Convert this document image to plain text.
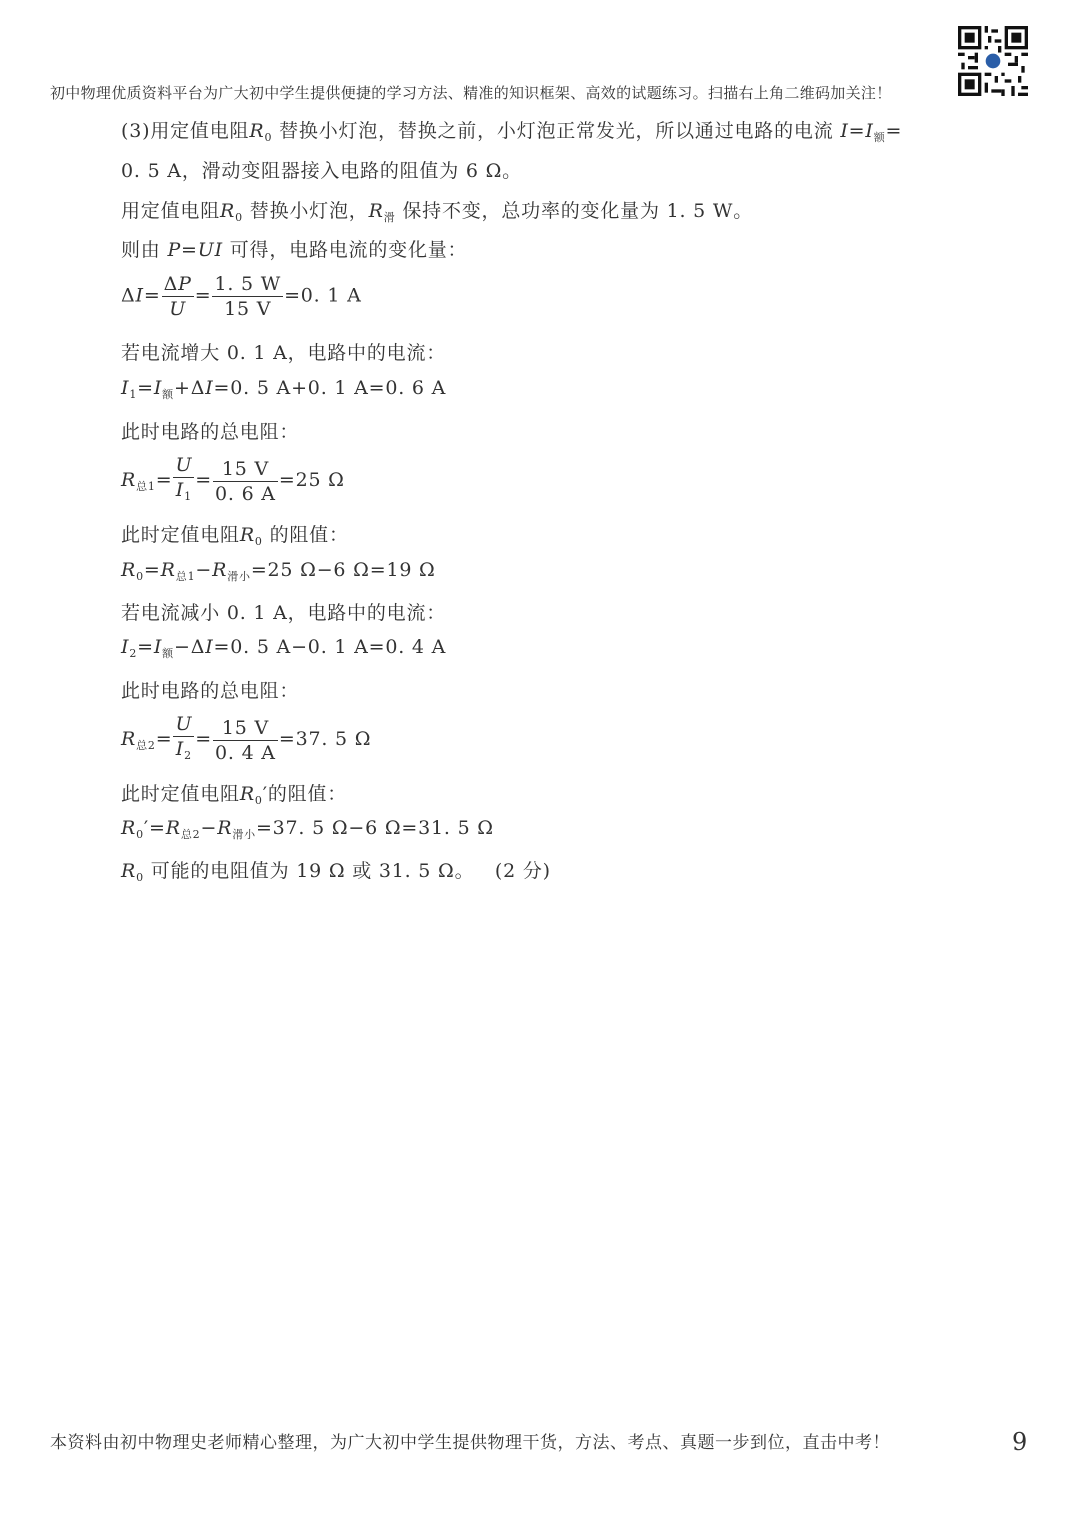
初中物理优质资料平台为广大初中学生提供便捷的学习方法、精准的知识框架、高效的试题练习。扫描右上角二维码加关注！
(3)用定值电阻$R_0$ 替换小灯泡，替换之前，小灯泡正常发光，所以通过电路的电流 $I=I_额=$
0. 5 A，滑动变阻器接入电路的阻值为 6 Ω。
用定值电阻$R_0$ 替换小灯泡，$R_滑$ 保持不变，总功率的变化量为 1. 5 W。
则由 P=UI 可得，电路电流的变化量：
$\Delta I= \frac{\Delta P}{U} = \frac{1. 5 W}{15 V} =0$. 1 A
若电流增大 0. 1 A，电路中的电流：
$I_1=I_额+\Delta I=0$. 5 A+0. 1 A=0. 6 A
此时电路的总电阻：
$R_{总1}= \frac{U}{I_1} = \frac{15 V}{0. 6 A} =25$ Ω
此时定值电阻$R_0$ 的阻值：
$R_0=R_{总1}-R_{滑小}=25$ Ω−6 Ω=19 Ω
若电流减小 0. 1 A，电路中的电流：
$I_2=I_额-\Delta I=0$. 5 A−0. 1 A=0. 4 A
此时电路的总电阻：
$R_{总2}= \frac{U}{I_2} = \frac{15 V}{0. 4 A} =37$. 5 Ω
此时定值电阻$R_0'$的阻值：
$R_0'=R_{总2}-R_{滑小}=37$. 5 Ω−6 Ω=31. 5 Ω
$R_0$ 可能的电阻值为 19 Ω 或 31. 5 Ω。 (2 分)
本资料由初中物理史老师精心整理，为广大初中学生提供物理干货，方法、考点、真题一步到位，直击中考！	9
